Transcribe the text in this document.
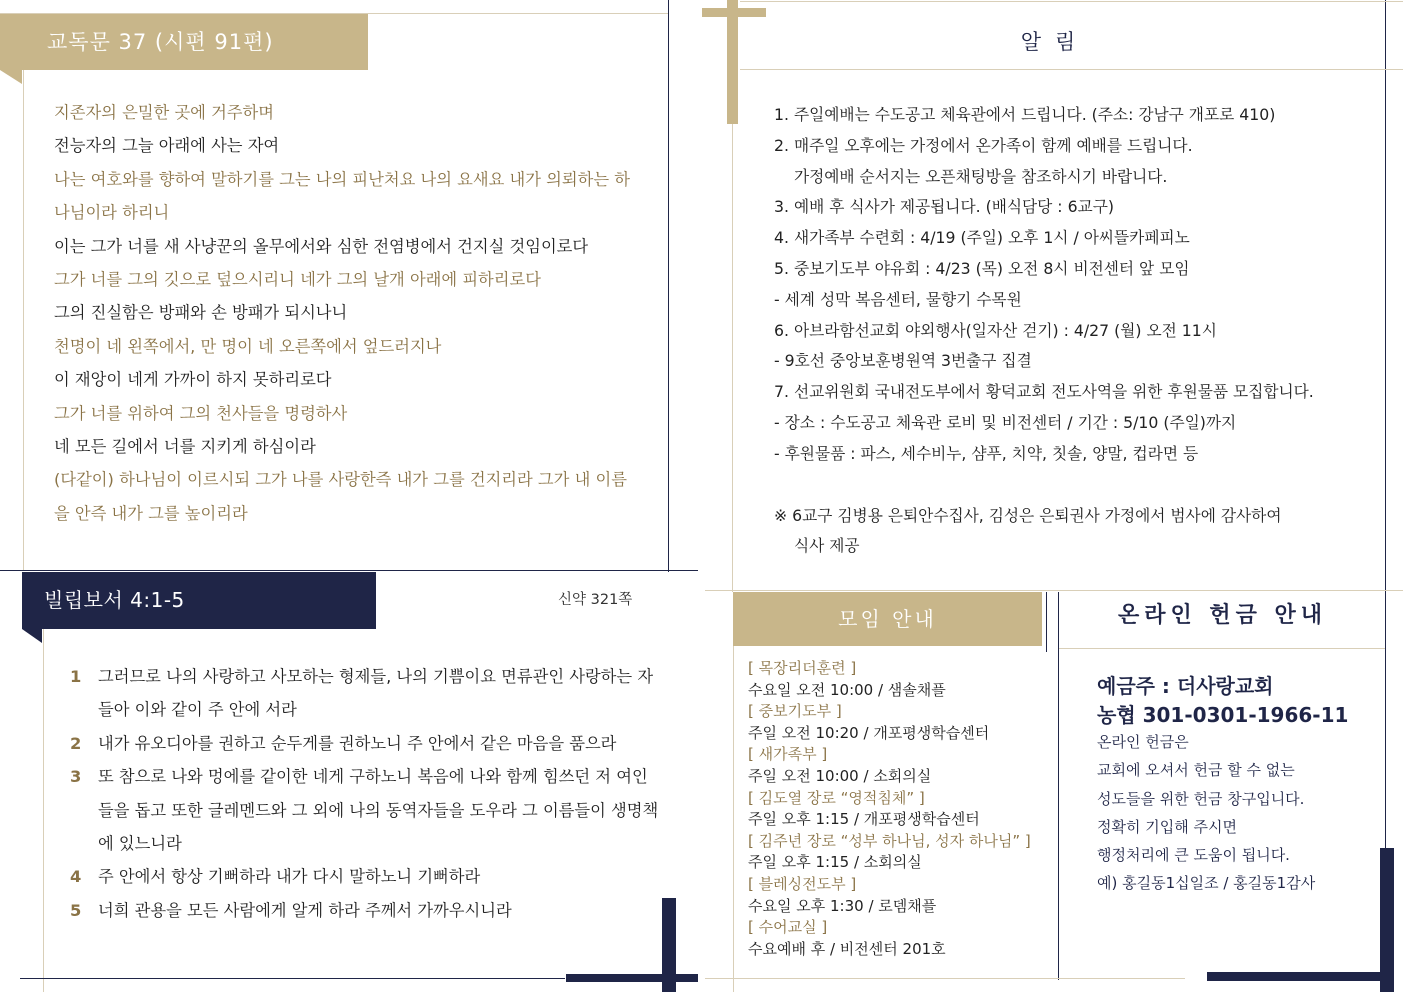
교독문 37 (시편 91편)
지존자의 은밀한 곳에 거주하며
전능자의 그늘 아래에 사는 자여
나는 여호와를 향하여 말하기를 그는 나의 피난처요 나의 요새요 내가 의뢰하는 하
나님이라 하리니
이는 그가 너를 새 사냥꾼의 올무에서와 심한 전염병에서 건지실 것임이로다
그가 너를 그의 깃으로 덮으시리니 네가 그의 날개 아래에 피하리로다
그의 진실함은 방패와 손 방패가 되시나니
천명이 네 왼쪽에서, 만 명이 네 오른쪽에서 엎드러지나
이 재앙이 네게 가까이 하지 못하리로다
그가 너를 위하여 그의 천사들을 명령하사
네 모든 길에서 너를 지키게 하심이라
(다같이) 하나님이 이르시되 그가 나를 사랑한즉 내가 그를 건지리라 그가 내 이름
을 안즉 내가 그를 높이리라
빌립보서 4:1-5	신약 321쪽
1	그러므로 나의 사랑하고 사모하는 형제들, 나의 기쁨이요 면류관인 사랑하는 자들아 이와 같이 주 안에 서라
2	내가 유오디아를 권하고 순두게를 권하노니 주 안에서 같은 마음을 품으라
3	또 참으로 나와 멍에를 같이한 네게 구하노니 복음에 나와 함께 힘쓰던 저 여인들을 돕고 또한 글레멘드와 그 외에 나의 동역자들을 도우라 그 이름들이 생명책에 있느니라
4	주 안에서 항상 기뻐하라 내가 다시 말하노니 기뻐하라
5	너희 관용을 모든 사람에게 알게 하라 주께서 가까우시니라
알림
1. 주일예배는 수도공고 체육관에서 드립니다. (주소: 강남구 개포로 410)
2. 매주일 오후에는 가정에서 온가족이 함께 예배를 드립니다.
가정예배 순서지는 오픈채팅방을 참조하시기 바랍니다.
3. 예배 후 식사가 제공됩니다. (배식담당 : 6교구)
4. 새가족부 수련회 : 4/19 (주일) 오후 1시 / 아씨뜰카페피노
5. 중보기도부 야유회 : 4/23 (목) 오전 8시 비전센터 앞 모임
- 세계 성막 복음센터, 물향기 수목원
6. 아브라함선교회 야외행사(일자산 걷기) : 4/27 (월) 오전 11시
- 9호선 중앙보훈병원역 3번출구 집결
7. 선교위원회 국내전도부에서 황덕교회 전도사역을 위한 후원물품 모집합니다.
- 장소 : 수도공고 체육관 로비 및 비전센터 / 기간 : 5/10 (주일)까지
- 후원물품 : 파스, 세수비누, 샴푸, 치약, 칫솔, 양말, 컵라면 등
※ 6교구 김병용 은퇴안수집사, 김성은 은퇴권사 가정에서 범사에 감사하여
식사 제공
모임 안내
[ 목장리더훈련 ]
수요일 오전 10:00 / 샘솔채플
[ 중보기도부 ]
주일 오전 10:20 / 개포평생학습센터
[ 새가족부 ]
주일 오전 10:00 / 소회의실
[ 김도열 장로 “영적침체” ]
주일 오후 1:15 / 개포평생학습센터
[ 김주년 장로 “성부 하나님, 성자 하나님” ]
주일 오후 1:15 / 소회의실
[ 블레싱전도부 ]
수요일 오후 1:30 / 로뎀채플
[ 수어교실 ]
수요예배 후 / 비전센터 201호
온라인 헌금 안내
예금주 : 더사랑교회
농협 301-0301-1966-11
온라인 헌금은
교회에 오셔서 헌금 할 수 없는
성도들을 위한 헌금 창구입니다.
정확히 기입해 주시면
행정처리에 큰 도움이 됩니다.
예) 홍길동1십일조 / 홍길동1감사
